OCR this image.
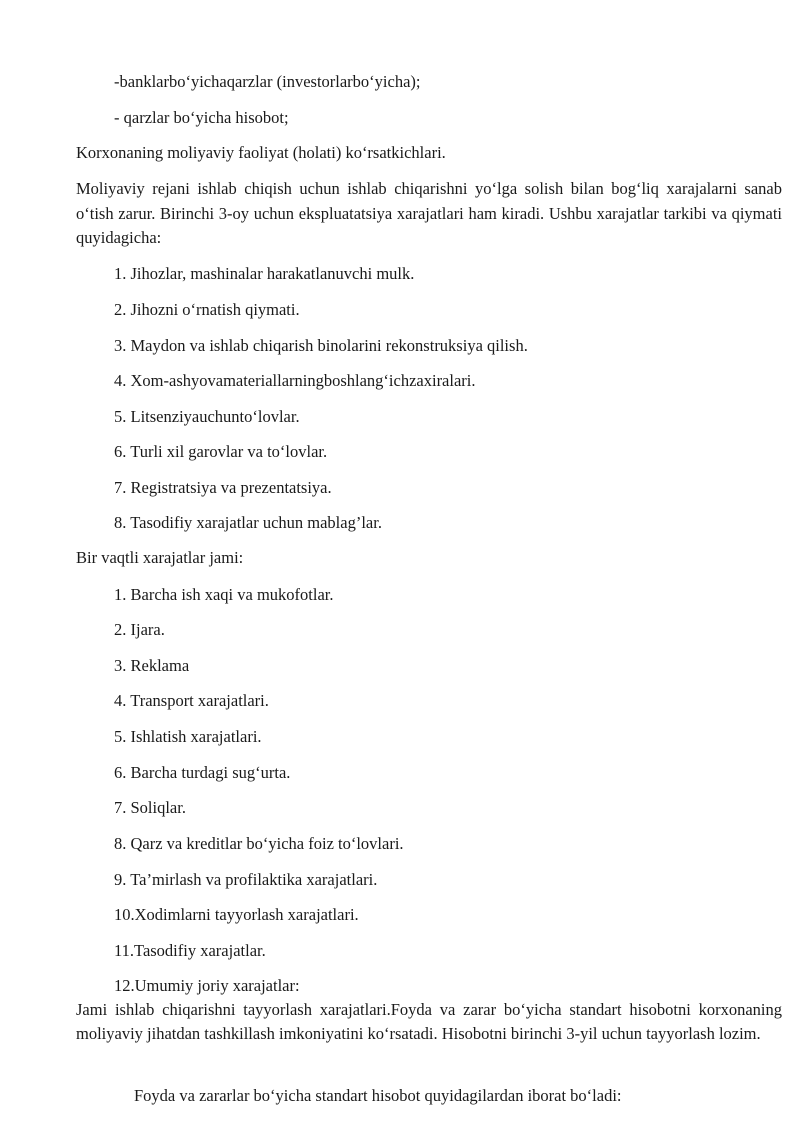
-banklarbo‘yichaqarzlar (investorlarbo‘yicha);
- qarzlar bo‘yicha hisobot;
Korxonaning moliyaviy faoliyat (holati) ko‘rsatkichlari.
Moliyaviy rejani ishlab chiqish uchun ishlab chiqarishni yo‘lga solish bilan bog‘liq xarajalarni sanab o‘tish zarur. Birinchi 3-oy uchun ekspluatatsiya xarajatlari ham kiradi. Ushbu xarajatlar tarkibi va qiymati quyidagicha:
1. Jihozlar, mashinalar harakatlanuvchi mulk.
2. Jihozni o‘rnatish qiymati.
3. Maydon va ishlab chiqarish binolarini rekonstruksiya qilish.
4. Xom-ashyovamateriallarningboshlang‘ichzaxiralari.
5. Litsenziyauchunto‘lovlar.
6. Turli xil garovlar va to‘lovlar.
7. Registratsiya va prezentatsiya.
8. Tasodifiy xarajatlar uchun mablag’lar.
Bir vaqtli xarajatlar jami:
1. Barcha ish xaqi va mukofotlar.
2. Ijara.
3. Reklama
4. Transport xarajatlari.
5. Ishlatish xarajatlari.
6. Barcha turdagi sug‘urta.
7. Soliqlar.
8. Qarz va kreditlar bo‘yicha foiz to‘lovlari.
9. Ta’mirlash va profilaktika xarajatlari.
10.Xodimlarni tayyorlash xarajatlari.
11.Tasodifiy xarajatlar.
12.Umumiy joriy xarajatlar:
Jami ishlab chiqarishni tayyorlash xarajatlari.Foyda va zarar bo‘yicha standart hisobotni korxonaning moliyaviy jihatdan tashkillash imkoniyatini ko‘rsatadi. Hisobotni birinchi 3-yil uchun tayyorlash lozim.
Foyda va zararlar bo‘yicha standart hisobot quyidagilardan iborat bo‘ladi:
